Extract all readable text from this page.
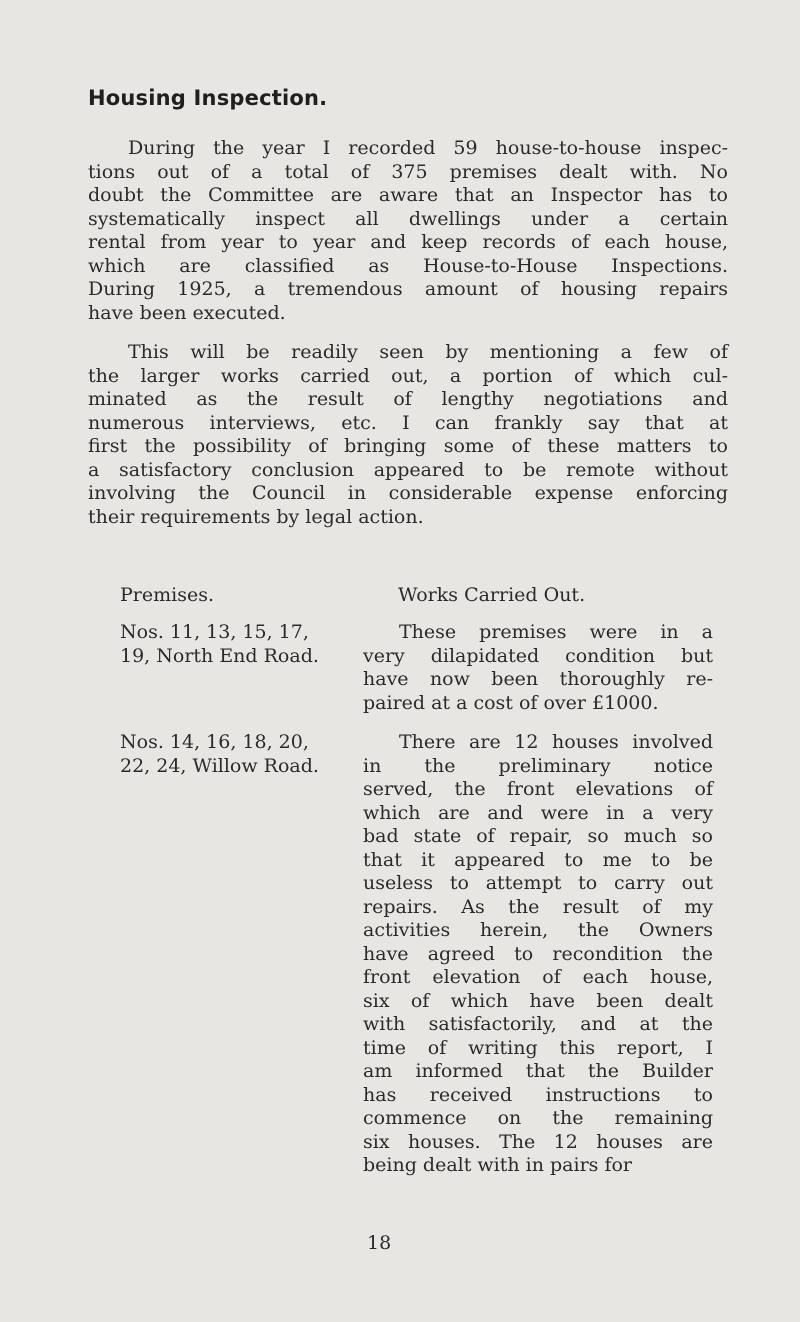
Housing Inspection.

During the year I recorded 59 house-to-house inspec-
tions out of a total of 375 premises dealt with. No
doubt the Committee are aware that an Inspector has to
systematically inspect all dwellings under a certain
rental from year to year and keep records of each house,
which are classified as House-to-House Inspections.
During 1925, a tremendous amount of housing repairs
have been executed.

This will be readily seen by mentioning a few of
the larger works carried out, a portion of which cul-
minated as the result of lengthy negotiations and
numerous interviews, etc. I can frankly say that at
first the possibility of bringing some of these matters to
a satisfactory conclusion appeared to be remote without
involving the Council in considerable expense enforcing
their requirements by legal action.

Premises.	Works Carried Out.

Nos. 11, 13, 15, 17,
19, North End Road.

These premises were in a
very dilapidated condition but
have now been thoroughly re-
paired at a cost of over £1000.

Nos. 14, 16, 18, 20,
22, 24, Willow Road.

There are 12 houses involved
in the preliminary notice
served, the front elevations of
which are and were in a very
bad state of repair, so much so
that it appeared to me to be
useless to attempt to carry out
repairs. As the result of my
activities herein, the Owners
have agreed to recondition the
front elevation of each house,
six of which have been dealt
with satisfactorily, and at the
time of writing this report, I
am informed that the Builder
has received instructions to
commence on the remaining
six houses. The 12 houses are
being dealt with in pairs for

18
